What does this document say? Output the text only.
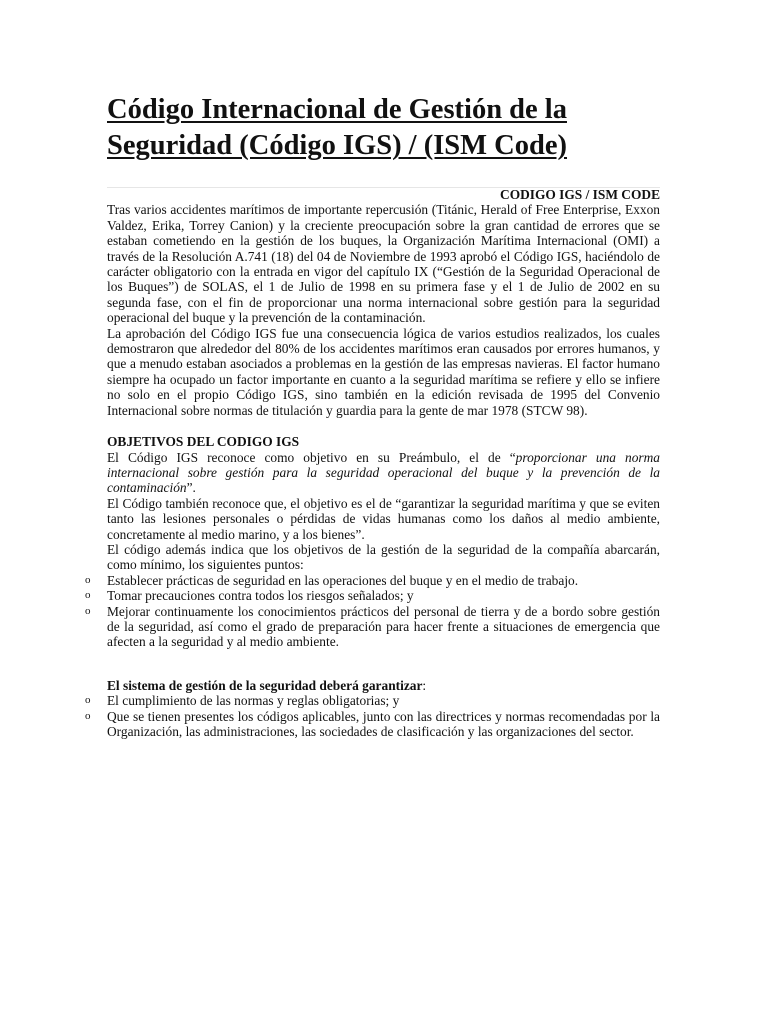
Código Internacional de Gestión de la
Seguridad (Código IGS) / (ISM Code)

CODIGO IGS / ISM CODE

Tras varios accidentes marítimos de importante repercusión (Titánic, Herald of Free Enterprise, Exxon Valdez, Erika, Torrey Canion) y la creciente preocupación sobre la gran cantidad de errores que se estaban cometiendo en la gestión de los buques, la Organización Marítima Internacional (OMI) a través de la Resolución A.741 (18) del 04 de Noviembre de 1993 aprobó el Código IGS, haciéndolo de carácter obligatorio con la entrada en vigor del capítulo IX (“Gestión de la Seguridad Operacional de los Buques”) de SOLAS, el 1 de Julio de 1998 en su primera fase y el 1 de Julio de 2002 en su segunda fase, con el fin de proporcionar una norma internacional sobre gestión para la seguridad operacional del buque y la prevención de la contaminación.

La aprobación del Código IGS fue una consecuencia lógica de varios estudios realizados, los cuales demostraron que alrededor del 80% de los accidentes marítimos eran causados por errores humanos, y que a menudo estaban asociados a problemas en la gestión de las empresas navieras. El factor humano siempre ha ocupado un factor importante en cuanto a la seguridad marítima se refiere y ello se infiere no solo en el propio Código IGS, sino también en la edición revisada de 1995 del Convenio Internacional sobre normas de titulación y guardia para la gente de mar 1978 (STCW 98).

OBJETIVOS DEL CODIGO IGS

El Código IGS reconoce como objetivo en su Preámbulo, el de “proporcionar una norma internacional sobre gestión para la seguridad operacional del buque y la prevención de la contaminación”.

El Código también reconoce que, el objetivo es el de “garantizar la seguridad marítima y que se eviten tanto las lesiones personales o pérdidas de vidas humanas como los daños al medio ambiente, concretamente al medio marino, y a los bienes”.

El código además indica que los objetivos de la gestión de la seguridad de la compañía abarcarán, como mínimo, los siguientes puntos:

o Establecer prácticas de seguridad en las operaciones del buque y en el medio de trabajo.
o Tomar precauciones contra todos los riesgos señalados; y
o Mejorar continuamente los conocimientos prácticos del personal de tierra y de a bordo sobre gestión de la seguridad, así como el grado de preparación para hacer frente a situaciones de emergencia que afecten a la seguridad y al medio ambiente.

El sistema de gestión de la seguridad deberá garantizar:

o El cumplimiento de las normas y reglas obligatorias; y
o Que se tienen presentes los códigos aplicables, junto con las directrices y normas recomendadas por la Organización, las administraciones, las sociedades de clasificación y las organizaciones del sector.
